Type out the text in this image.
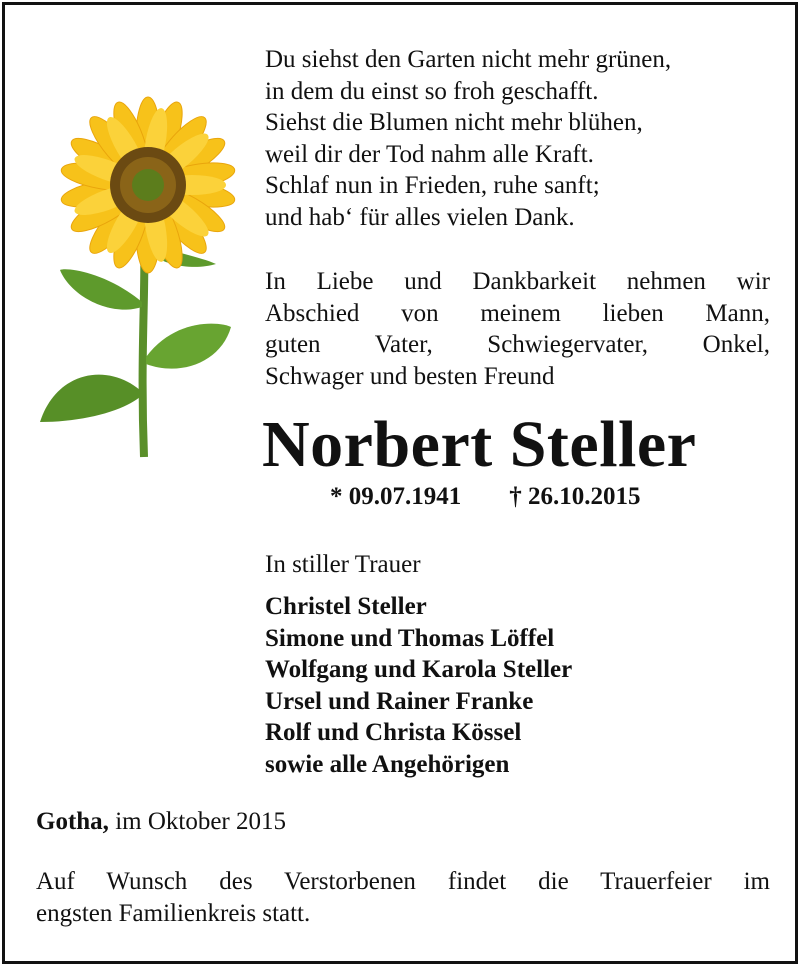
Du siehst den Garten nicht mehr grünen,
in dem du einst so froh geschafft.
Siehst die Blumen nicht mehr blühen,
weil dir der Tod nahm alle Kraft.
Schlaf nun in Frieden, ruhe sanft;
und hab‘ für alles vielen Dank.
In Liebe und Dankbarkeit nehmen wir
Abschied von meinem lieben Mann,
guten Vater, Schwiegervater, Onkel,
Schwager und besten Freund
Norbert Steller
* 09.07.1941 † 26.10.2015
In stiller Trauer
Christel Steller
Simone und Thomas Löffel
Wolfgang und Karola Steller
Ursel und Rainer Franke
Rolf und Christa Kössel
sowie alle Angehörigen
Gotha, im Oktober 2015
Auf Wunsch des Verstorbenen findet die Trauerfeier im
engsten Familienkreis statt.
